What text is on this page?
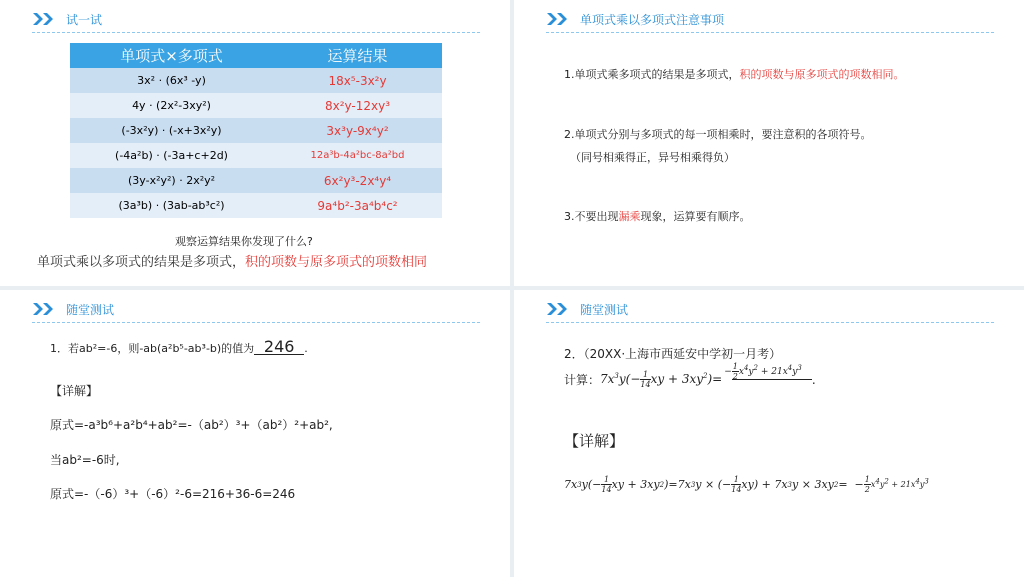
试一试
单项式×多项式	运算结果
3x² · (6x³ -y)	18x⁵-3x²y
4y · (2x²-3xy²)	8x²y-12xy³
(-3x²y) · (-x+3x²y)	3x³y-9x⁴y²
(-4a²b) · (-3a+c+2d)	12a³b-4a²bc-8a²bd
(3y-x²y²) · 2x²y²	6x²y³-2x⁴y⁴
(3a³b) · (3ab-ab³c²)	9a⁴b²-3a⁴b⁴c²
观察运算结果你发现了什么?
单项式乘以多项式的结果是多项式，积的项数与原多项式的项数相同
单项式乘以多项式注意事项
1.单项式乘多项式的结果是多项式，积的项数与原多项式的项数相同。
2.单项式分别与多项式的每一项相乘时，要注意积的各项符号。
（同号相乘得正，异号相乘得负）
3.不要出现漏乘现象，运算要有顺序。
随堂测试
1．若ab²=-6，则-ab(a²b⁵-ab³-b)的值为 246 .
【详解】
原式=-a³b⁶+a²b⁴+ab²=-（ab²）³+（ab²）²+ab²,
当ab²=-6时,
原式=-（-6）³+（-6）²-6=216+36-6=246
随堂测试
2．（20XX·上海市西延安中学初一月考）
计算： $7x^3y(- \frac{1}{14}$ xy + $3xy^2)= - \frac{1}{2} x^4y^2 + 21x^4y^3$
.
【详解】
7x 3 $y(- \frac{1}{14}$ xy + 3xy 2 )=7x 3 y × (− $\frac{1}{14} xy) + 7x$ 3 y × 3xy 2 =  − $\frac{1}{2} x^4y^2 + 21x^4y^3$
